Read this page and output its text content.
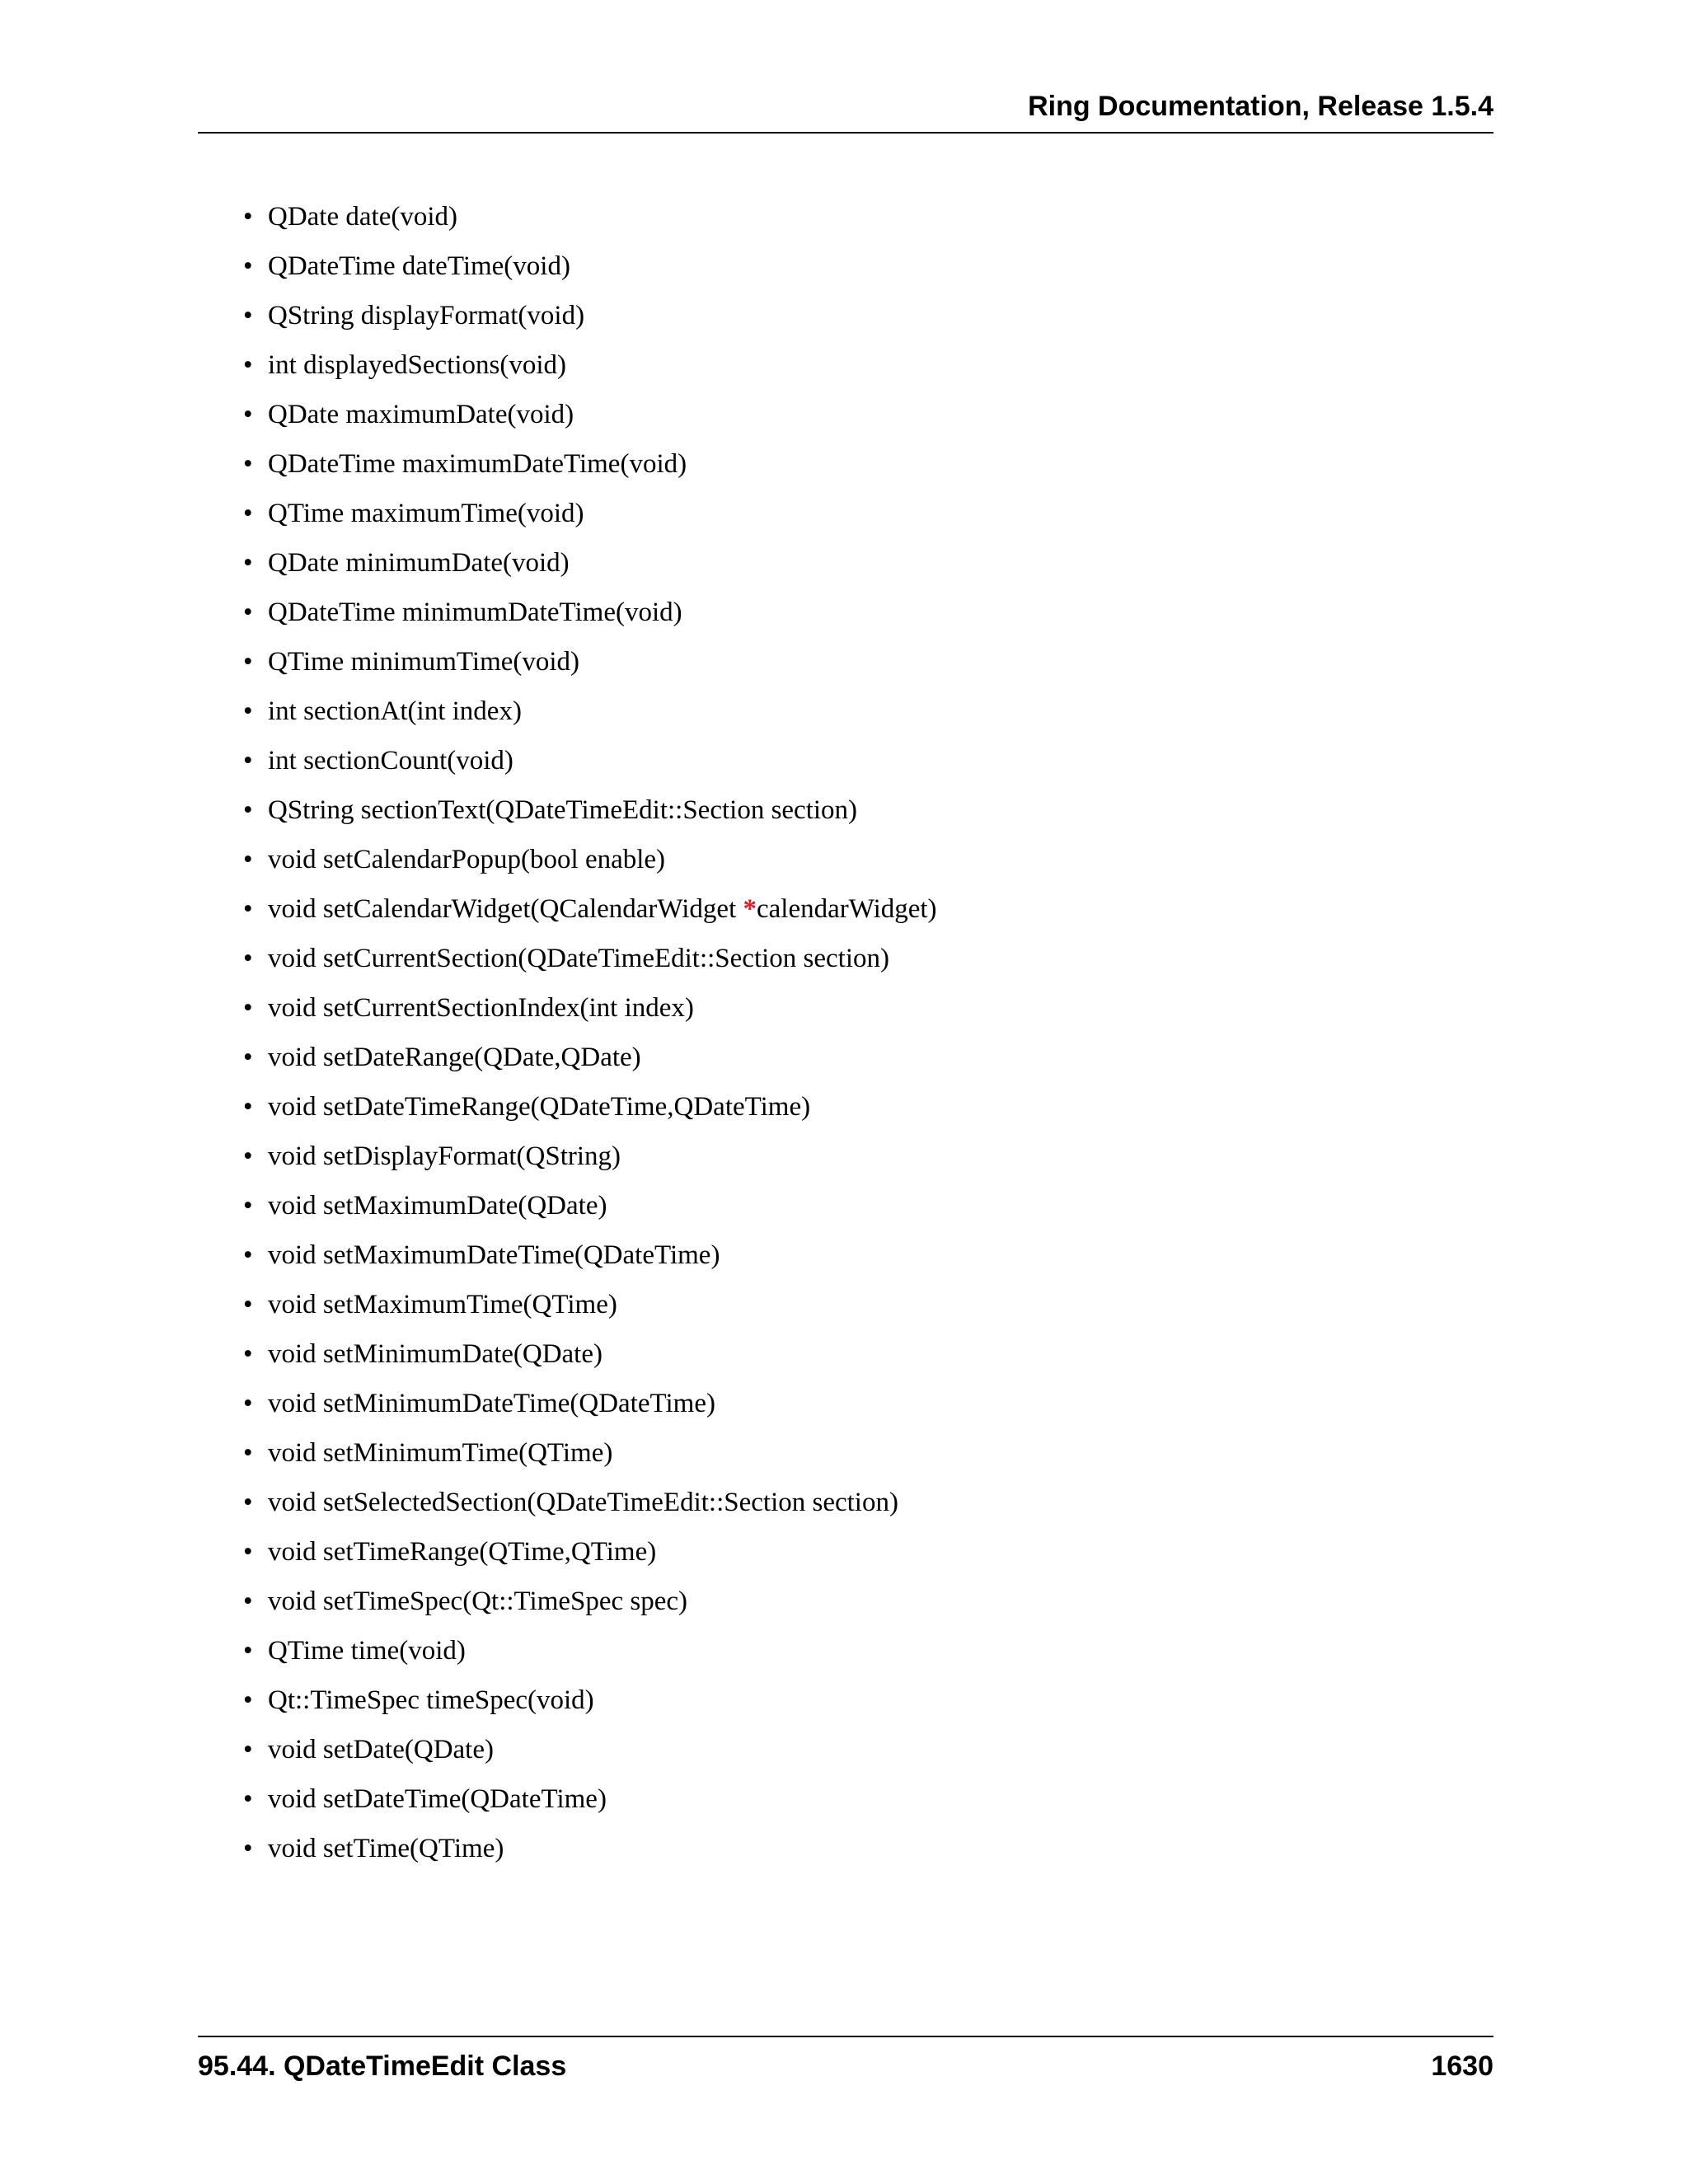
Ring Documentation, Release 1.5.4
• QDate date(void)
• QDateTime dateTime(void)
• QString displayFormat(void)
• int displayedSections(void)
• QDate maximumDate(void)
• QDateTime maximumDateTime(void)
• QTime maximumTime(void)
• QDate minimumDate(void)
• QDateTime minimumDateTime(void)
• QTime minimumTime(void)
• int sectionAt(int index)
• int sectionCount(void)
• QString sectionText(QDateTimeEdit::Section section)
• void setCalendarPopup(bool enable)
• void setCalendarWidget(QCalendarWidget *calendarWidget)
• void setCurrentSection(QDateTimeEdit::Section section)
• void setCurrentSectionIndex(int index)
• void setDateRange(QDate,QDate)
• void setDateTimeRange(QDateTime,QDateTime)
• void setDisplayFormat(QString)
• void setMaximumDate(QDate)
• void setMaximumDateTime(QDateTime)
• void setMaximumTime(QTime)
• void setMinimumDate(QDate)
• void setMinimumDateTime(QDateTime)
• void setMinimumTime(QTime)
• void setSelectedSection(QDateTimeEdit::Section section)
• void setTimeRange(QTime,QTime)
• void setTimeSpec(Qt::TimeSpec spec)
• QTime time(void)
• Qt::TimeSpec timeSpec(void)
• void setDate(QDate)
• void setDateTime(QDateTime)
• void setTime(QTime)
95.44. QDateTimeEdit Class	1630
